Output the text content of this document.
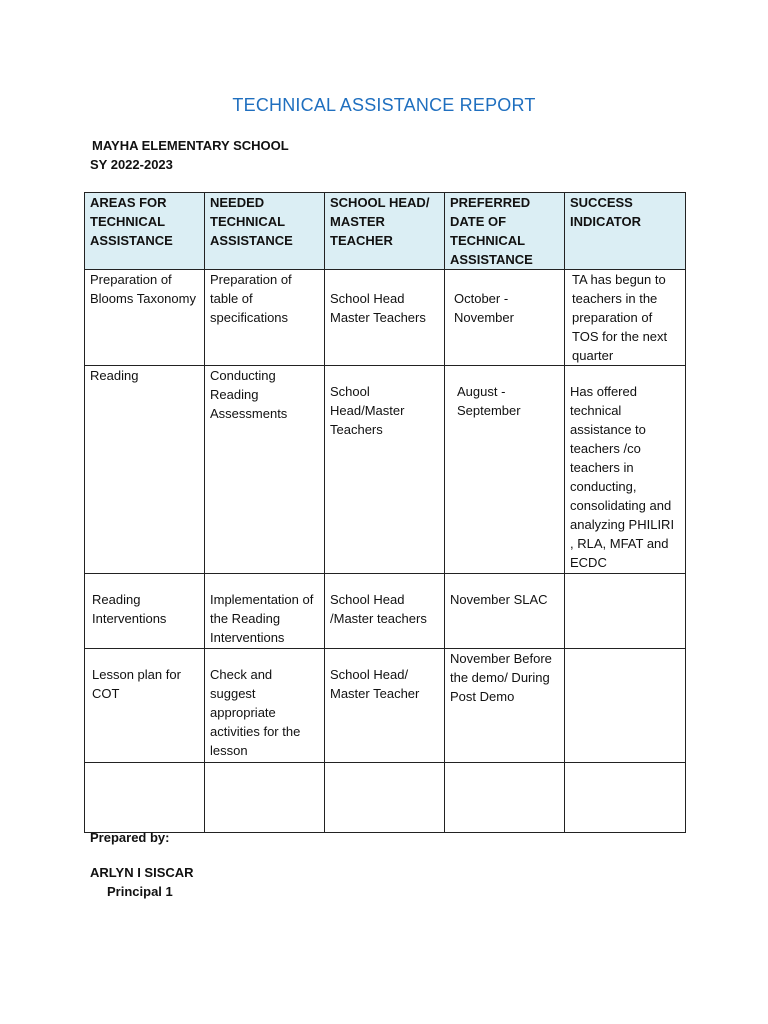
TECHNICAL ASSISTANCE REPORT
MAYHA ELEMENTARY SCHOOL
SY 2022-2023
AREAS FOR TECHNICAL ASSISTANCE	NEEDED TECHNICAL ASSISTANCE	SCHOOL HEAD/ MASTER TEACHER	PREFERRED DATE OF TECHNICAL ASSISTANCE	SUCCESS INDICATOR
Preparation of Blooms Taxonomy	Preparation of table of specifications	School Head Master Teachers	October - November	TA has begun to teachers in the preparation of TOS for the next quarter
Reading	Conducting Reading Assessments	School Head/Master Teachers	August - September	Has offered technical assistance to teachers /co teachers in conducting, consolidating and analyzing PHILIRI , RLA, MFAT and ECDC
Reading Interventions	Implementation of the Reading Interventions	School Head /Master teachers	November SLAC	
Lesson plan for COT	Check and suggest appropriate activities for the lesson	School Head/ Master Teacher	November Before the demo/ During Post Demo	

Prepared by:
ARLYN I SISCAR
Principal 1
